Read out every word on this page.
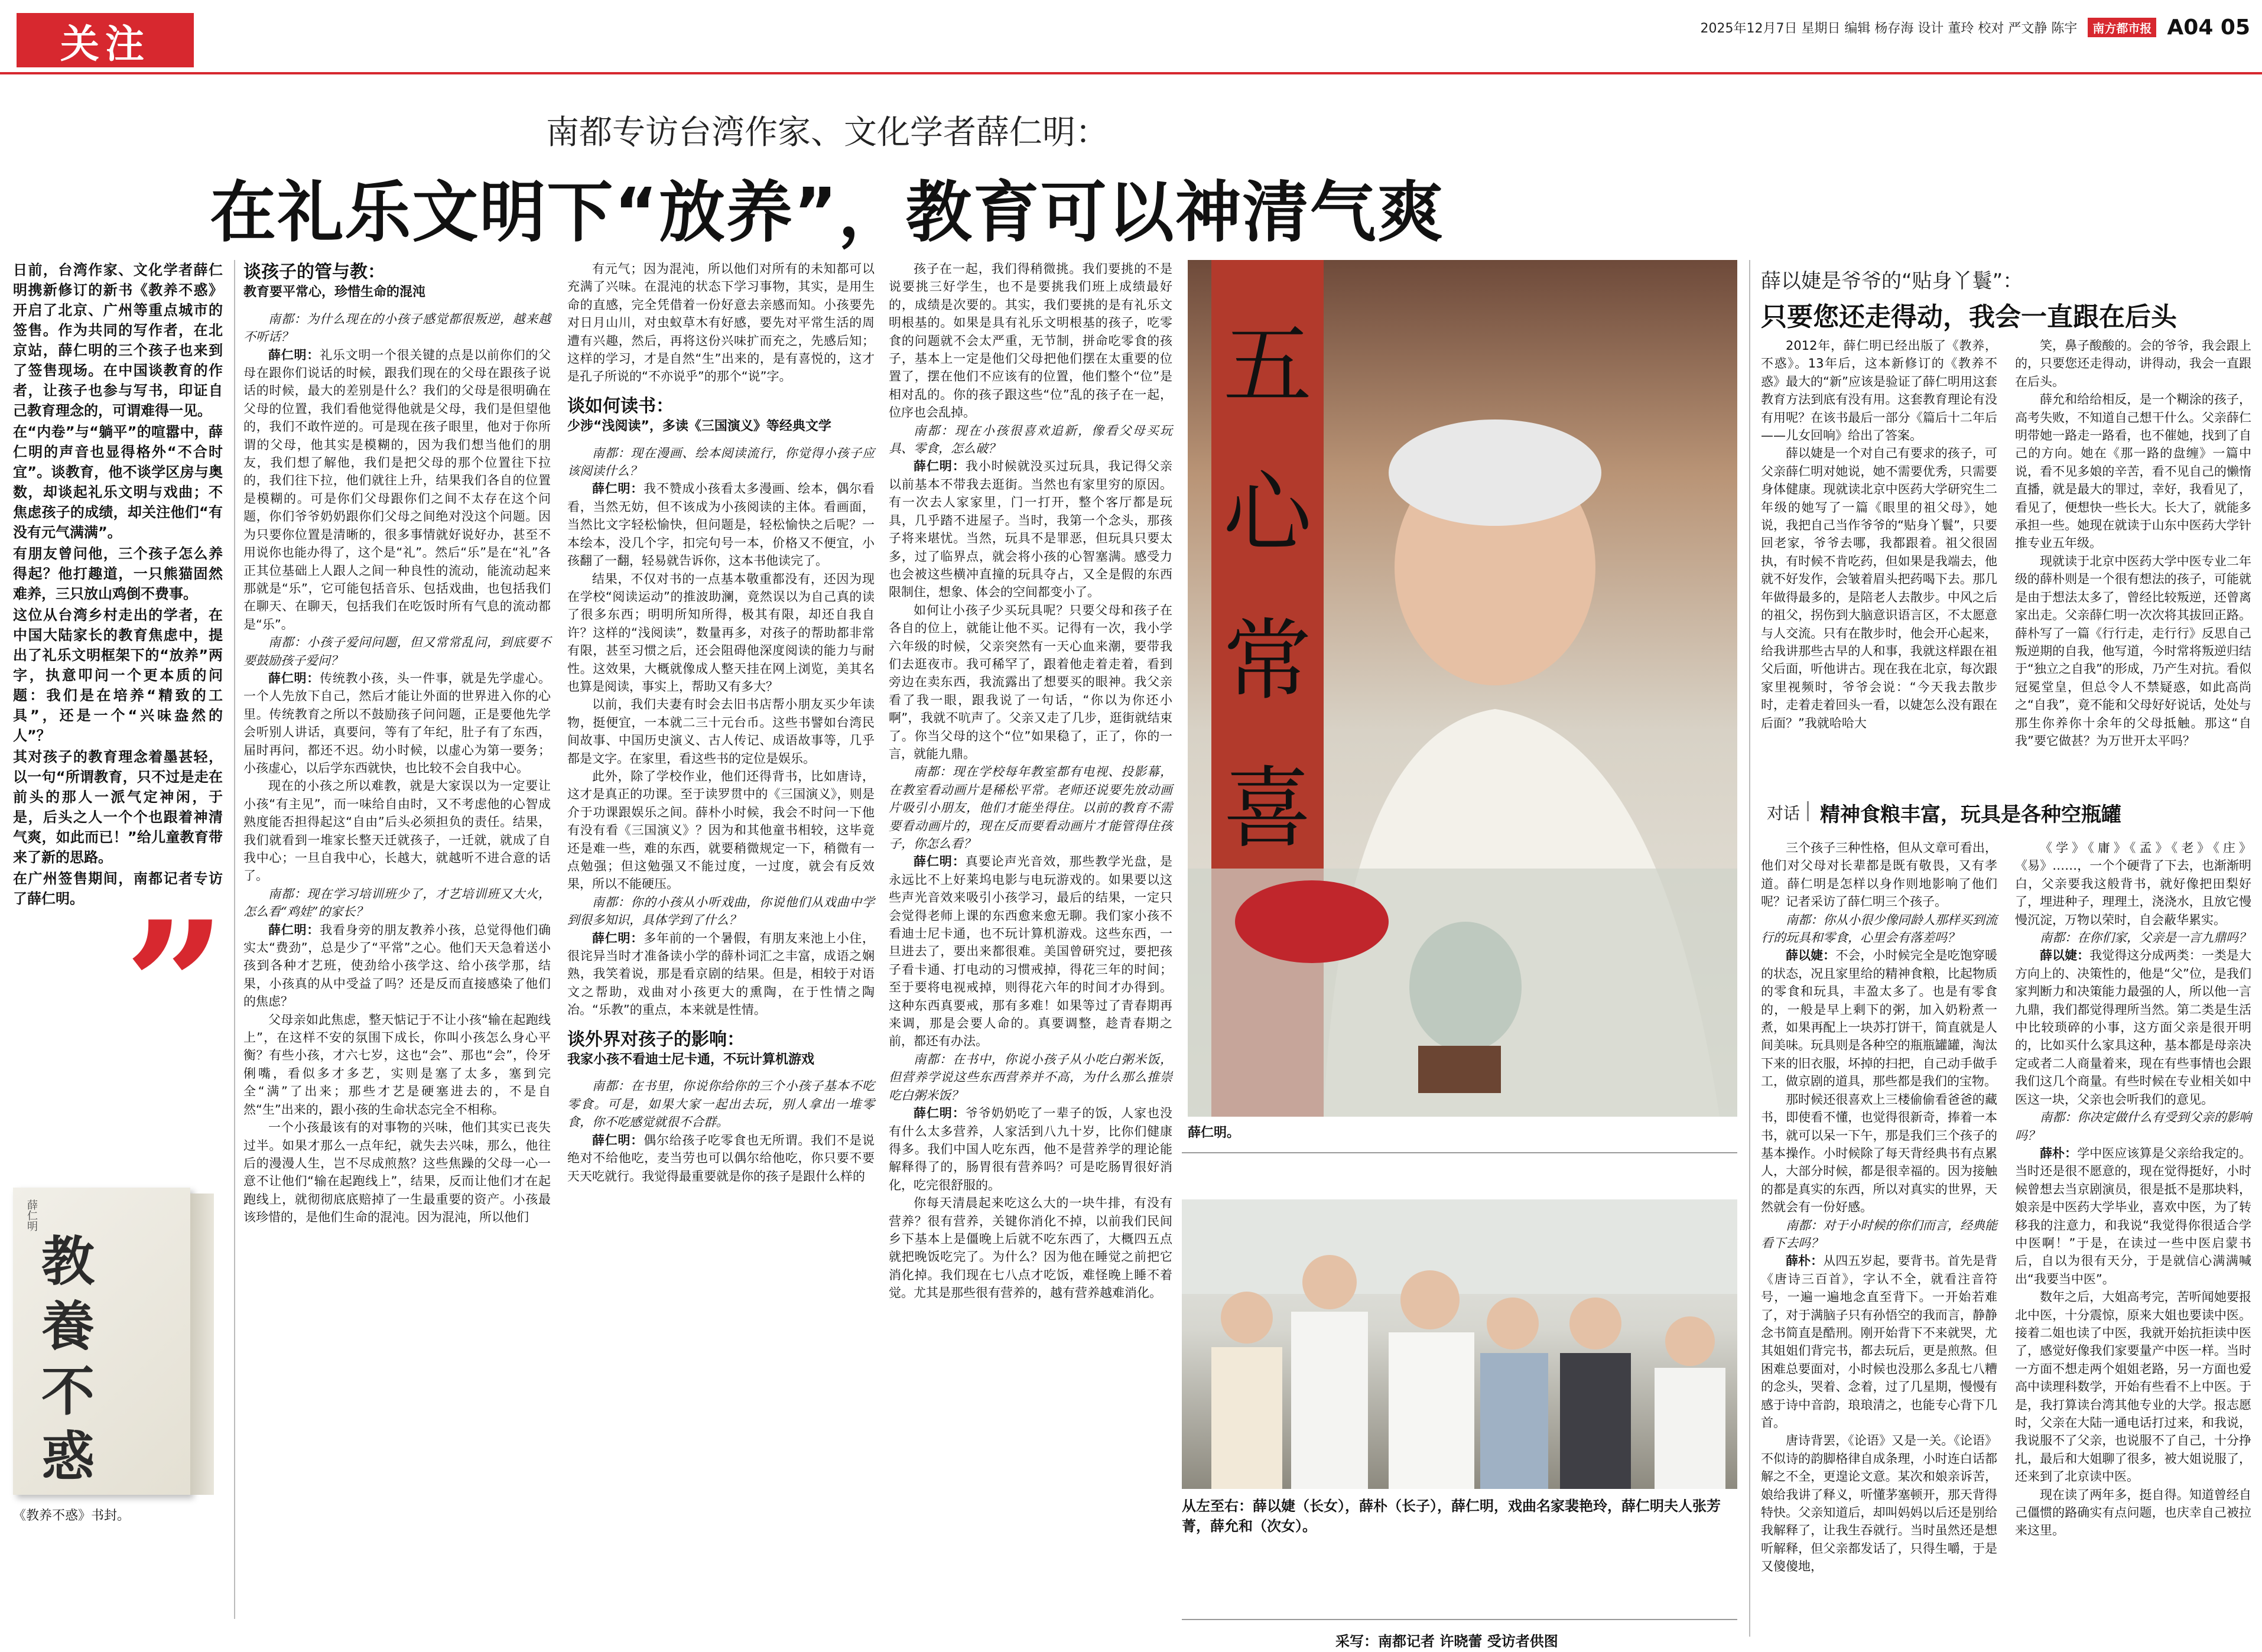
关注	2025年12月7日 星期日 编辑 杨存海 设计 董玲 校对 严文静 陈宇	南方都市报 A04 05
南都专访台湾作家、文化学者薛仁明：
在礼乐文明下“放养”，教育可以神清气爽

日前，台湾作家、文化学者薛仁明携新修订的新书《教养不惑》开启了北京、广州等重点城市的签售。作为共同的写作者，在北京站，薛仁明的三个孩子也来到了签售现场。在中国谈教育的作者，让孩子也参与写书，印证自己教育理念的，可谓难得一见。

在“内卷”与“躺平”的喧嚣中，薛仁明的声音也显得格外“不合时宜”。谈教育，他不谈学区房与奥数，却谈起礼乐文明与戏曲；不焦虑孩子的成绩，却关注他们“有没有元气满满”。

有朋友曾问他，三个孩子怎么养得起？他打趣道，一只熊猫固然难养，三只放山鸡倒不费事。

这位从台湾乡村走出的学者，在中国大陆家长的教育焦虑中，提出了礼乐文明框架下的“放养”两字，执意叩问一个更本质的问题：我们是在培养“精致的工具”，还是一个“兴味盎然的人”？

其对孩子的教育理念着墨甚轻，以一句“所谓教育，只不过是走在前头的那人一派气定神闲，于是，后头之人一个个也跟着神清气爽，如此而已！”给儿童教育带来了新的思路。

在广州签售期间，南都记者专访了薛仁明。 ”
薛仁明
教養不惑
《教养不惑》书封。
谈孩子的管与教：
教育要平常心，珍惜生命的混沌

南都：为什么现在的小孩子感觉都很叛逆，越来越不听话？

薛仁明：礼乐文明一个很关键的点是以前你们的父母在跟你们说话的时候，跟我们现在的父母在跟孩子说话的时候，最大的差别是什么？我们的父母是很明确在父母的位置，我们看他觉得他就是父母，我们是但望他的，我们不敢忤逆的。可是现在孩子眼里，他对于你所谓的父母，他其实是模糊的，因为我们想当他们的朋友，我们想了解他，我们是把父母的那个位置往下拉的，我们往下拉，他们就往上升，结果我们各自的位置是模糊的。可是你们父母跟你们之间不太存在这个问题，你们爷爷奶奶跟你们父母之间绝对没这个问题。因为只要你位置是清晰的，很多事情就好说好办，甚至不用说你也能办得了，这个是“礼”。然后“乐”是在“礼”各正其位基础上人跟人之间一种良性的流动，能流动起来那就是“乐”，它可能包括音乐、包括戏曲，也包括我们在聊天、在聊天，包括我们在吃饭时所有气息的流动都是“乐”。

南都：小孩子爱问问题，但又常常乱问，到底要不要鼓励孩子爱问？

薛仁明：传统教小孩，头一件事，就是先学虚心。一个人先放下自己，然后才能让外面的世界进入你的心里。传统教育之所以不鼓励孩子问问题，正是要他先学会听别人讲话，真要问，等有了年纪，肚子有了东西，届时再问，都还不迟。幼小时候，以虚心为第一要务；小孩虚心，以后学东西就快，也比较不会自我中心。

现在的小孩之所以难教，就是大家误以为一定要让小孩“有主见”，而一味给自由时，又不考虑他的心智成熟度能否担得起这“自由”后头必须担负的责任。结果，我们就看到一堆家长整天迁就孩子，一迁就，就成了自我中心；一旦自我中心，长越大，就越听不进合意的话了。

南都：现在学习培训班少了，才艺培训班又大火，怎么看“鸡娃”的家长？

薛仁明：我看身旁的朋友教养小孩，总觉得他们确实太“费劲”，总是少了“平常”之心。他们天天急着送小孩到各种才艺班，使劲给小孩学这、给小孩学那，结果，小孩真的从中受益了吗？还是反而直接感染了他们的焦虑？

父母亲如此焦虑，整天惦记于不让小孩“输在起跑线上”，在这样不安的氛围下成长，你叫小孩怎么身心平衡？有些小孩，才六七岁，这也“会”、那也“会”，伶牙俐嘴，看似多才多艺，实则是塞了太多，塞到完全“满”了出来；那些才艺是硬塞进去的，不是自然“生”出来的，跟小孩的生命状态完全不相称。

一个小孩最该有的对事物的兴味，他们其实已丧失过半。如果才那么一点年纪，就失去兴味，那么，他往后的漫漫人生，岂不尽成煎熬？这些焦躁的父母一心一意不让他们“输在起跑线上”，结果，反而让他们才在起跑线上，就彻彻底底赔掉了一生最重要的资产。小孩最该珍惜的，是他们生命的混沌。因为混沌，所以他们

有元气；因为混沌，所以他们对所有的未知都可以充满了兴味。在混沌的状态下学习事物，其实，是用生命的直感，完全凭借着一份好意去亲感而知。小孩要先对日月山川，对虫蚁草木有好感，要先对平常生活的周遭有兴趣，然后，再将这份兴味扩而充之，先感后知；这样的学习，才是自然“生”出来的，是有喜悦的，这才是孔子所说的“不亦说乎”的那个“说”字。

谈如何读书：
少涉“浅阅读”，多读《三国演义》等经典文学

南都：现在漫画、绘本阅读流行，你觉得小孩子应该阅读什么？

薛仁明：我不赞成小孩看太多漫画、绘本，偶尔看看，当然无妨，但不该成为小孩阅读的主体。看画面，当然比文字轻松愉快，但问题是，轻松愉快之后呢？一本绘本，没几个字，扣完句号一本，价格又不便宜，小孩翻了一翻，轻易就告诉你，这本书他读完了。

结果，不仅对书的一点基本敬重都没有，还因为现在学校“阅读运动”的推波助澜，竟然误以为自己真的读了很多东西；明明所知所得，极其有限，却还自我自许？这样的“浅阅读”，数量再多，对孩子的帮助都非常有限，甚至习惯之后，还会阻碍他深度阅读的能力与耐性。这效果，大概就像成人整天挂在网上浏览，美其名也算是阅读，事实上，帮助又有多大？

以前，我们夫妻有时会去旧书店帮小朋友买少年读物，挺便宜，一本就二三十元台币。这些书譬如台湾民间故事、中国历史演义、古人传记、成语故事等，几乎都是文字。在家里，看这些书的定位是娱乐。

此外，除了学校作业，他们还得背书，比如唐诗，这才是真正的功课。至于读罗贯中的《三国演义》，则是介于功课跟娱乐之间。薛朴小时候，我会不时问一下他有没有看《三国演义》？因为和其他童书相较，这毕竟还是难一些，难的东西，就要稍微规定一下，稍微有一点勉强；但这勉强又不能过度，一过度，就会有反效果，所以不能硬压。

南都：你的小孩从小听戏曲，你说他们从戏曲中学到很多知识，具体学到了什么？

薛仁明：多年前的一个暑假，有朋友来池上小住，很诧异当时才准备读小学的薛朴词汇之丰富，成语之娴熟，我笑着说，那是看京剧的结果。但是，相较于对语文之帮助，戏曲对小孩更大的熏陶，在于性情之陶冶。“乐教”的重点，本来就是性情。

谈外界对孩子的影响：
我家小孩不看迪士尼卡通，不玩计算机游戏

南都：在书里，你说你给你的三个小孩子基本不吃零食。可是，如果大家一起出去玩，别人拿出一堆零食，你不吃感觉就很不合群。

薛仁明：偶尔给孩子吃零食也无所谓。我们不是说绝对不给他吃，麦当劳也可以偶尔给他吃，你只要不要天天吃就行。我觉得最重要就是你的孩子是跟什么样的

孩子在一起，我们得稍微挑。我们要挑的不是说要挑三好学生，也不是要挑我们班上成绩最好的，成绩是次要的。其实，我们要挑的是有礼乐文明根基的。如果是具有礼乐文明根基的孩子，吃零食的问题就不会太严重，无节制，拼命吃零食的孩子，基本上一定是他们父母把他们摆在太重要的位置了，摆在他们不应该有的位置，他们整个“位”是相对乱的。你的孩子跟这些“位”乱的孩子在一起，位序也会乱掉。

南都：现在小孩很喜欢追新，像看父母买玩具、零食，怎么破？

薛仁明：我小时候就没买过玩具，我记得父亲以前基本不带我去逛街。当然也有家里穷的原因。有一次去人家家里，门一打开，整个客厅都是玩具，几乎踏不进屋子。当时，我第一个念头，那孩子将来堪忧。当然，玩具不是罪恶，但玩具只要太多，过了临界点，就会将小孩的心智塞满。感受力也会被这些横冲直撞的玩具夺占，又全是假的东西限制住，想象、体会的空间都变小了。

如何让小孩子少买玩具呢？只要父母和孩子在各自的位上，就能让他不买。记得有一次，我小学六年级的时候，父亲突然有一天心血来潮，要带我们去逛夜市。我可稀罕了，跟着他走着走着，看到旁边在卖东西，我流露出了想要买的眼神。我父亲看了我一眼，跟我说了一句话，“你以为你还小啊”，我就不吭声了。父亲又走了几步，逛街就结束了。你当父母的这个“位”如果稳了，正了，你的一言，就能九鼎。

南都：现在学校每年教室都有电视、投影幕，在教室看动画片是稀松平常。老师还说要先放动画片吸引小朋友，他们才能坐得住。以前的教育不需要看动画片的，现在反而要看动画片才能管得住孩子，你怎么看？

薛仁明：真要论声光音效，那些教学光盘，是永远比不上好莱坞电影与电玩游戏的。如果要以这些声光音效来吸引小孩学习，最后的结果，一定只会觉得老师上课的东西愈来愈无聊。我们家小孩不看迪士尼卡通，也不玩计算机游戏。这些东西，一旦进去了，要出来都很难。美国曾研究过，要把孩子看卡通、打电动的习惯戒掉，得花三年的时间；至于要将电视戒掉，则得花六年的时间才办得到。这种东西真要戒，那有多难！如果等过了青春期再来调，那是会要人命的。真要调整，趁青春期之前，都还有办法。

南都：在书中，你说小孩子从小吃白粥米饭，但营养学说这些东西营养并不高，为什么那么推崇吃白粥米饭？

薛仁明：爷爷奶奶吃了一辈子的饭，人家也没有什么太多营养，人家活到八九十岁，比你们健康得多。我们中国人吃东西，他不是营养学的理论能解释得了的，肠胃很有营养吗？可是吃肠胃很好消化，吃完很舒服的。

你每天清晨起来吃这么大的一块牛排，有没有营养？很有营养，关键你消化不掉，以前我们民间乡下基本上是僵晚上后就不吃东西了，大概四五点就把晚饭吃完了。为什么？因为他在睡觉之前把它消化掉。我们现在七八点才吃饭，难怪晚上睡不着觉。尤其是那些很有营养的，越有营养越难消化。

五
心
常
喜
薛仁明。
从左至右：薛以婕（长女），薛朴（长子），薛仁明，戏曲名家裴艳玲，薛仁明夫人张芳菁，薛允和（次女）。
采写：南都记者 许晓蕾 受访者供图
薛以婕是爷爷的“贴身丫鬟”：
只要您还走得动，我会一直跟在后头

2012年，薛仁明已经出版了《教养，不惑》。13年后，这本新修订的《教养不惑》最大的“新”应该是验证了薛仁明用这套教育方法到底有没有用。这套教育理论有没有用呢？在该书最后一部分《篇后十二年后——儿女回响》给出了答案。

薛以婕是一个对自己有要求的孩子，可父亲薛仁明对她说，她不需要优秀，只需要身体健康。现就读北京中医药大学研究生二年级的她写了一篇《眼里的祖父母》，她说，我把自己当作爷爷的“贴身丫鬟”，只要回老家，爷爷去哪，我都跟着。祖父很固执，有时候不肯吃药，但如果是我端去，他就不好发作，会皱着眉头把药喝下去。那几年做得最多的，是陪老人去散步。中风之后的祖父，拐伤到大脑意识语言区，不太愿意与人交流。只有在散步时，他会开心起来，给我讲那些古早的人和事，我就这样跟在祖父后面，听他讲古。现在我在北京，每次跟家里视频时，爷爷会说：“今天我去散步时，走着走着回头一看，以婕怎么没有跟在后面？”我就哈哈大

笑，鼻子酸酸的。会的爷爷，我会跟上的，只要您还走得动，讲得动，我会一直跟在后头。

薛允和给给相反，是一个糊涂的孩子，高考失败，不知道自己想干什么。父亲薛仁明带她一路走一路看，也不催她，找到了自己的方向。她在《那一路的盘缠》一篇中说，看不见多娘的辛苦，看不见自己的懒惰直播，就是最大的罪过，幸好，我看见了，看见了，便想快一些长大。长大了，就能多承担一些。她现在就读于山东中医药大学针推专业五年级。

现就读于北京中医药大学中医专业二年级的薛朴则是一个很有想法的孩子，可能就是由于想法太多了，曾经比较叛逆，还曾离家出走。父亲薛仁明一次次将其拔回正路。薛朴写了一篇《行行走，走行行》反思自己叛逆期的自我，他写道，今时常将叛逆归结于“独立之自我”的形成，乃产生对抗。看似冠冕堂皇，但总令人不禁疑惑，如此高尚之“自我”，竟不能和父母好好说话，处处与那生你养你十余年的父母抵触。那这“自我”要它做甚？为万世开太平吗？

对话 精神食粮丰富，玩具是各种空瓶罐

三个孩子三种性格，但从文章可看出，他们对父母对长辈都是既有敬畏，又有孝道。薛仁明是怎样以身作则地影响了他们呢？记者采访了薛仁明三个孩子。

南都：你从小很少像同龄人那样买到流行的玩具和零食，心里会有落差吗？

薛以婕：不会，小时候完全是吃饱穿暖的状态，况且家里给的精神食粮，比起物质的零食和玩具，丰盈太多了。也是有零食的，一般是早上剩下的粥，加入奶粉煮一煮，如果再配上一块苏打饼干，简直就是人间美味。玩具则是各种空的瓶瓶罐罐，淘汰下来的旧衣服，坏掉的扫把，自己动手做手工，做京剧的道具，那些都是我们的宝物。

那时候还很喜欢上三楼偷偷看爸爸的藏书，即使看不懂，也觉得很新奇，捧着一本书，就可以呆一下午，那是我们三个孩子的基本操作。小时候除了每天背经典书有点累人，大部分时候，都是很幸福的。因为接触的都是真实的东西，所以对真实的世界，天然就会有一份好感。

南都：对于小时候的你们而言，经典能看下去吗？

薛朴：从四五岁起，要背书。首先是背《唐诗三百首》，字认不全，就看注音符号，一遍一遍地念直至背下。一开始若难了，对于满脑子只有孙悟空的我而言，静静念书简直是酷刑。刚开始背下不来就哭，尤其姐姐们背完书，都去玩后，更是煎熬。但困难总要面对，小时候也没那么多乱七八糟的念头，哭着、念着，过了几星期，慢慢有感于诗中音韵，琅琅清之，也能专心背下几首。

唐诗背罢，《论语》又是一关。《论语》不似诗的韵脚格律自成条理，小时连白话都解之不全，更遑论文意。某次和娘亲诉苦，娘给我讲了释义，听懂茅塞顿开，那天背得特快。父亲知道后，却叫妈妈以后还是别给我解释了，让我生吞就行。当时虽然还是想听解释，但父亲都发话了，只得生嚼，于是又傻傻地，

《学》《庸》《孟》《老》《庄》《易》……，一个个硬背了下去，也渐渐明白，父亲要我这般背书，就好像把田梨好了，埋进种子，理理土，浇浇水，且放它慢慢沉淀，万物以荣时，自会蔽华累实。

南都：在你们家，父亲是一言九鼎吗？

薛以婕：我觉得这分成两类：一类是大方向上的、决策性的，他是“父”位，是我们家判断力和决策能力最强的人，所以他一言九鼎，我们都觉得理所当然。第二类是生活中比较琐碎的小事，这方面父亲是很开明的，比如买什么家具这种，基本都是母亲决定或者二人商量着来，现在有些事情也会跟我们这几个商量。有些时候在专业相关如中医这一块，父亲也会听我们的意见。

南都：你决定做什么有受到父亲的影响吗？

薛朴：学中医应该算是父亲给我定的。当时还是很不愿意的，现在觉得挺好，小时候曾想去当京剧演员，很是抵不是那块料，娘亲是中医药大学毕业，喜欢中医，为了转移我的注意力，和我说“我觉得你很适合学中医啊！”于是，在读过一些中医启蒙书后，自以为很有天分，于是就信心满满喊出“我要当中医”。

数年之后，大姐高考完，苦听闻她要报北中医，十分震惊，原来大姐也要读中医。接着二姐也读了中医，我就开始抗拒读中医了，感觉好像我们家要量产中医一样。当时一方面不想走两个姐姐老路，另一方面也爱高中读理科数学，开始有些看不上中医。于是，我打算读台湾其他专业的大学。报志愿时，父亲在大陆一通电话打过来，和我说，我说服不了父亲，也说服不了自己，十分挣扎，最后和大姐聊了很多，被大姐说服了，还来到了北京读中医。

现在读了两年多，挺自得。知道曾经自己僵惯的路确实有点问题，也庆幸自己被拉来这里。
